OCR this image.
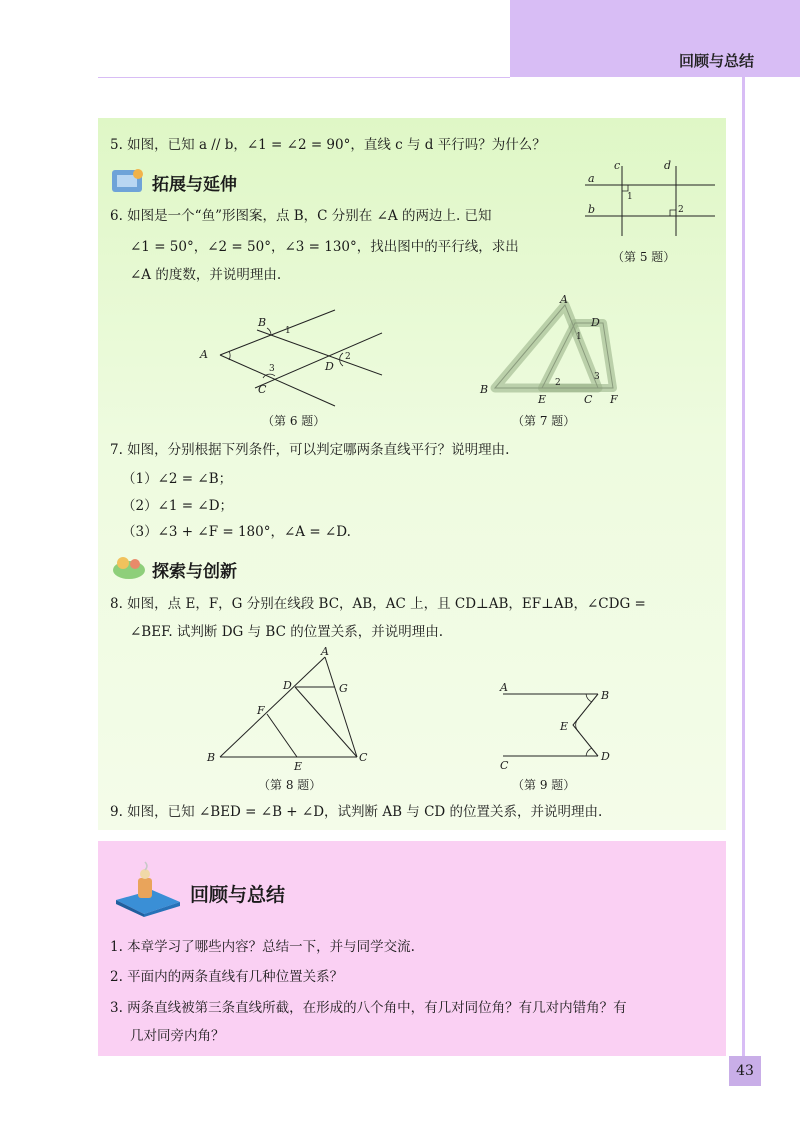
回顾与总结
5. 如图，已知 a // b，∠1 = ∠2 = 90°，直线 c 与 d 平行吗？为什么？
拓展与延伸
6. 如图是一个“鱼”形图案，点 B，C 分别在 ∠A 的两边上. 已知
∠1 = 50°，∠2 = 50°，∠3 = 130°，找出图中的平行线，求出
∠A 的度数，并说明理由.
a
b
c	d
1
2
（第 5 题）
A
B
C
D
1
2
3
（第 6 题）
A
B
C
D
E	F
1
2
3
（第 7 题）
7. 如图，分别根据下列条件，可以判定哪两条直线平行？说明理由.
（1）∠2 = ∠B；
（2）∠1 = ∠D；
（3）∠3 + ∠F = 180°，∠A = ∠D.
探索与创新
8. 如图，点 E，F，G 分别在线段 BC，AB，AC 上，且 CD⊥AB，EF⊥AB，∠CDG =
∠BEF. 试判断 DG 与 BC 的位置关系，并说明理由.
A
B	C
D
E
F
G
（第 8 题）
A
B
C
D
E
（第 9 题）
9. 如图，已知 ∠BED = ∠B + ∠D，试判断 AB 与 CD 的位置关系，并说明理由.
回顾与总结
1. 本章学习了哪些内容？总结一下，并与同学交流.
2. 平面内的两条直线有几种位置关系？
3. 两条直线被第三条直线所截，在形成的八个角中，有几对同位角？有几对内错角？有
几对同旁内角？
43
